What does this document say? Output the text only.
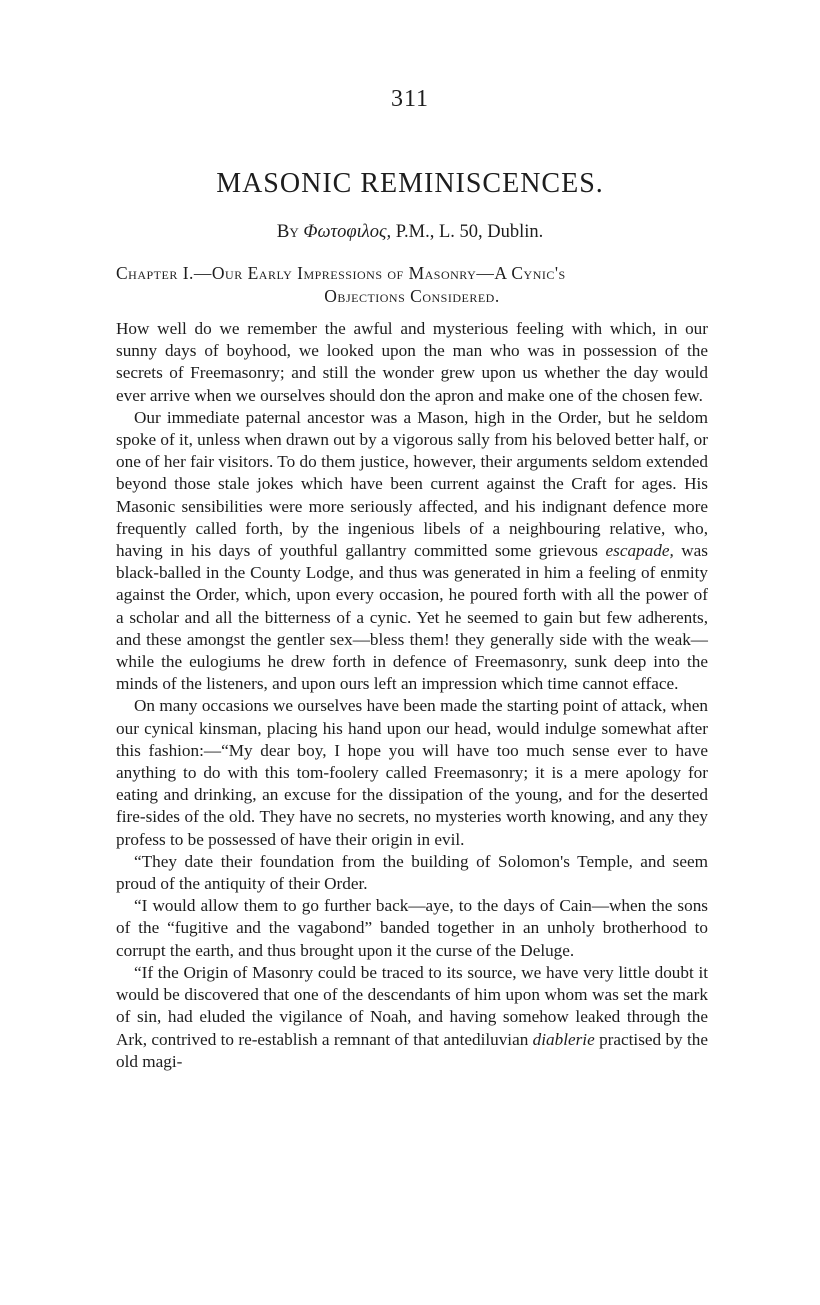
311
MASONIC REMINISCENCES.
By Φωτοφιλος, P.M., L. 50, Dublin.
Chapter I.—Our Early Impressions of Masonry—A Cynic's
Objections Considered.

How well do we remember the awful and mysterious feeling with which, in our sunny days of boyhood, we looked upon the man who was in possession of the secrets of Freemasonry; and still the wonder grew upon us whether the day would ever arrive when we ourselves should don the apron and make one of the chosen few.

Our immediate paternal ancestor was a Mason, high in the Order, but he seldom spoke of it, unless when drawn out by a vigorous sally from his beloved better half, or one of her fair visitors. To do them justice, however, their arguments seldom extended beyond those stale jokes which have been current against the Craft for ages. His Masonic sensibilities were more seriously affected, and his indignant defence more frequently called forth, by the ingenious libels of a neighbouring relative, who, having in his days of youthful gallantry committed some grievous escapade, was black-balled in the County Lodge, and thus was generated in him a feeling of enmity against the Order, which, upon every occasion, he poured forth with all the power of a scholar and all the bitterness of a cynic. Yet he seemed to gain but few adherents, and these amongst the gentler sex—bless them! they generally side with the weak—while the eulogiums he drew forth in defence of Freemasonry, sunk deep into the minds of the listeners, and upon ours left an impression which time cannot efface.

On many occasions we ourselves have been made the starting point of attack, when our cynical kinsman, placing his hand upon our head, would indulge somewhat after this fashion:—“My dear boy, I hope you will have too much sense ever to have anything to do with this tom-foolery called Freemasonry; it is a mere apology for eating and drinking, an excuse for the dissipation of the young, and for the deserted fire-sides of the old. They have no secrets, no mysteries worth knowing, and any they profess to be possessed of have their origin in evil.

“They date their foundation from the building of Solomon's Temple, and seem proud of the antiquity of their Order.

“I would allow them to go further back—aye, to the days of Cain—when the sons of the “fugitive and the vagabond” banded together in an unholy brotherhood to corrupt the earth, and thus brought upon it the curse of the Deluge.

“If the Origin of Masonry could be traced to its source, we have very little doubt it would be discovered that one of the descendants of him upon whom was set the mark of sin, had eluded the vigilance of Noah, and having somehow leaked through the Ark, contrived to re-establish a remnant of that antediluvian diablerie practised by the old magi-
